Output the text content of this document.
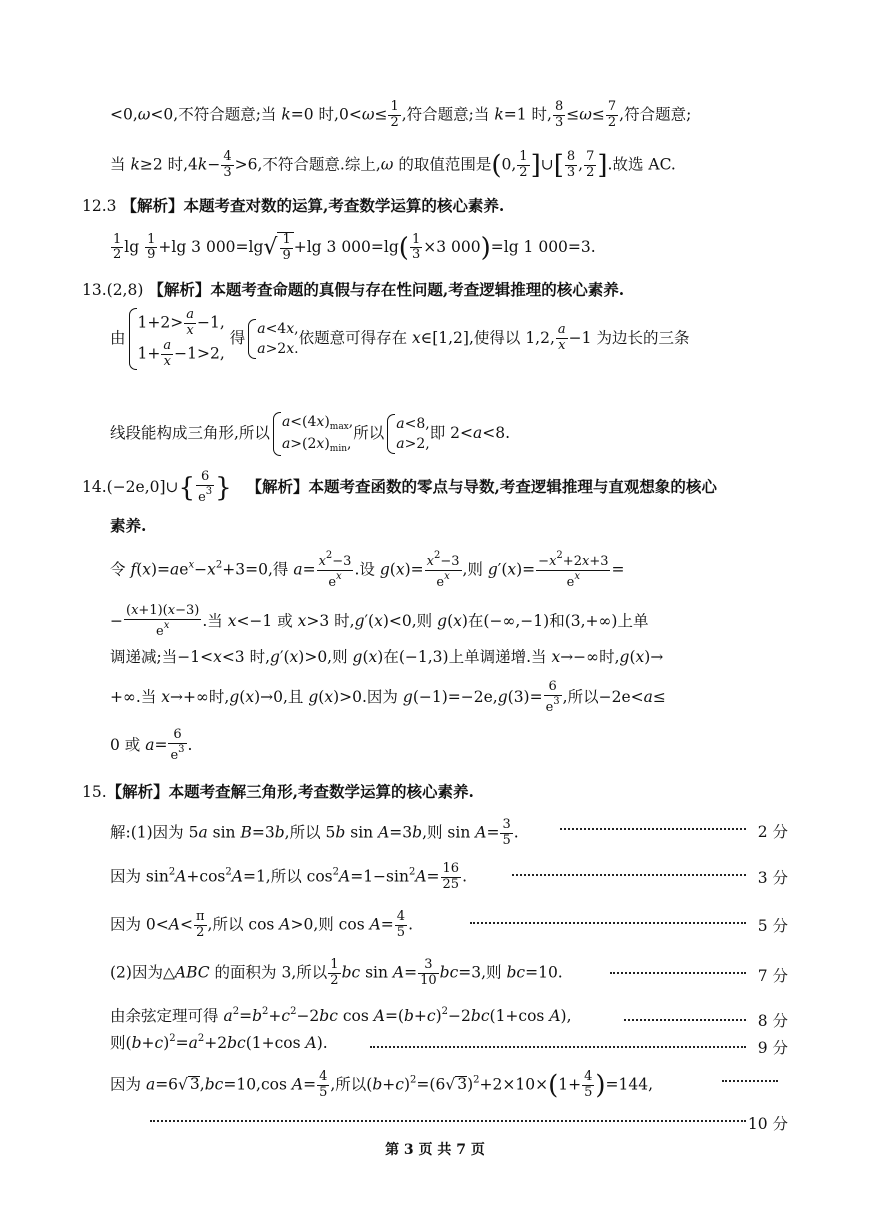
<0,ω<0,不符合题意;当 k=0 时$,0<\omega\le \frac{1}{2}$ ,符合题意;当 k=1 时, $\frac{8}{3} \le\omega\le \frac{7}{2}$ ,符合题意;
当 k≥2 时$,4k- \frac{4}{3} >6$,不符合题意.综上,ω 的取值范围是(0, $\frac{1}{2}$ ]∪[ $\frac{8}{3}$ , $\frac{7}{2}$ ].故选 AC.
12.3 【解析】本题考查对数的运算,考查数学运算的核心素养.
$\frac{1}{2}$ $\lg \frac{1}{9} +\lg$ 3 $000=\lg√ \frac{1}{9} +\lg$ 3 $000=\lg( \frac{1}{3} \times 3$ 000)=lg 1 000=3.
13.(2,8) 【解析】本题考查命题的真假与存在性问题,考查逻辑推理的核心素养.
由
$1+2> \frac{a}{x} -1$,
$1+ \frac{a}{x} -1>2$,
得
a<4x,
a>2x.
依题意可得存在 x∈[1,2],使得以 1,2, $\frac{a}{x} -1$ 为边长的三条
线段能构成三角形,所以
$a<(4x)_{max}$,
$a>(2x)_{min}$,
所以
a<8,
a>2,
即 2<a<8.
14.(−2e,0]∪{ $\frac{6}{e^3}$ } 【解析】本题考查函数的零点与导数,考查逻辑推理与直观想象的核心
素养.
令 $f(x)=ae^x-x^2+3=0$,得 $a= \frac{x^2-3}{e^x}$ .设 $g(x)= \frac{x^2-3}{e^x}$ ,则 $g'(x)= \frac{-x^2+2x+3}{e^x}$ =
− $\frac{(x+1)(x-3)}{e^x}$ .当 x<−1 或 x>3 时,g′(x)<0,则 g(x)在(−∞,−1)和(3,+∞)上单
调递减;当−1<x<3 时,g′(x)>0,则 g(x)在(−1,3)上单调递增.当 x→−∞时,g(x)→
+∞.当 x→+∞时,g(x)→0,且 g(x)>0.因为 $g(-1)=-2e,g(3)= \frac{6}{e^3}$ ,所以−2e<a≤
0 或 $a= \frac{6}{e^3}$ .
15.【解析】本题考查解三角形,考查数学运算的核心素养.
解:(1)因为 5a sin B=3b,所以 5b sin A=3b,则 $\sin A= \frac{3}{5}$ .	2 分
因为 $\sin^2A+\cos^2A=1$,所以 $\cos^2A=1-\sin^2A= \frac{16}{25}$ .	3 分
因为 $0<A< \frac{\pi}{2}$ ,所以 cos A>0,则 $\cos A= \frac{4}{5}$ .	5 分
(2)因为△ABC 的面积为 3,所以 $\frac{1}{2}$ bc $\sin A= \frac{3}{10} bc=3$,则 bc=10.	7 分
由余弦定理可得 $a^2=b^2+c^2-2bc$ $\cos A=(b+c)^2-2bc(1+\cos$ A),	8 分
则$(b+c)^2=a^2+2bc(1+\cos$ A).	9 分
因为 a=6√ 3,bc=10,cos $A= \frac{4}{5}$ ,所以$(b+c)^2=(6√$ $3)^2+2\times 10\times(1+ \frac{4}{5} )=144$,
10 分
第 3 页 共 7 页
